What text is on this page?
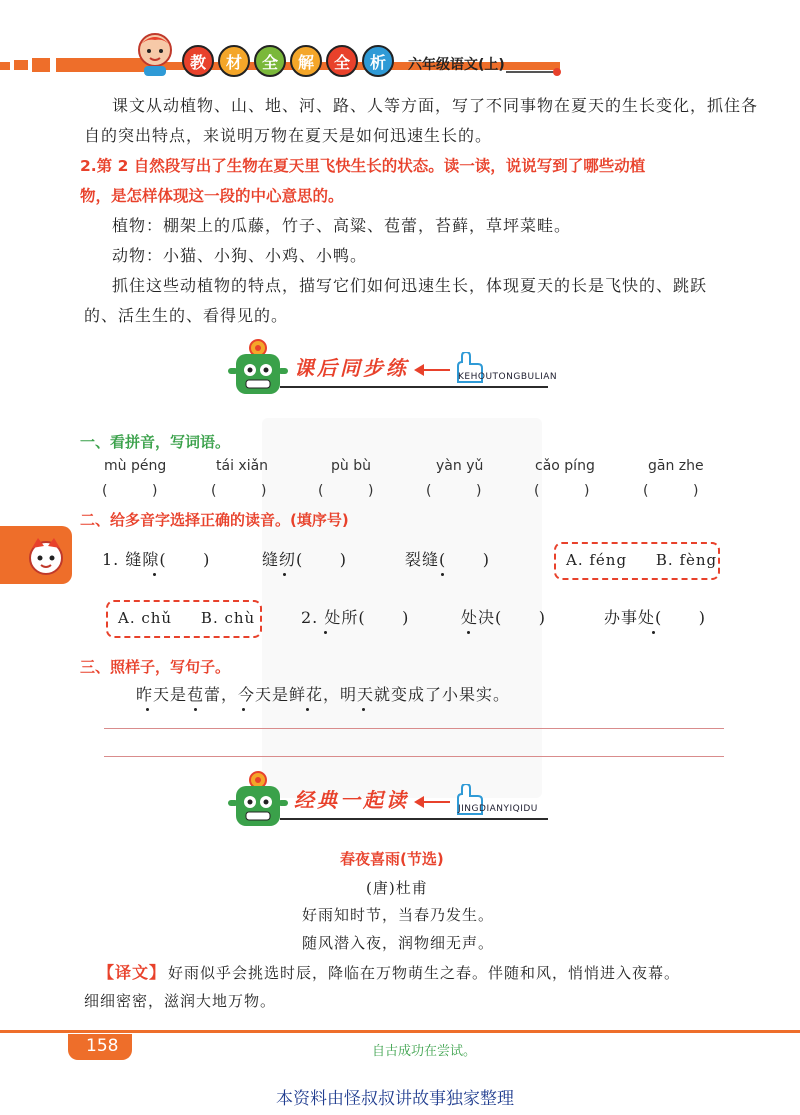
教	材	全	解	全	析	六年级语文(上)
课文从动植物、山、地、河、路、人等方面，写了不同事物在夏天的生长变化，抓住各
自的突出特点，来说明万物在夏天是如何迅速生长的。
2.第 2 自然段写出了生物在夏天里飞快生长的状态。读一读，说说写到了哪些动植
物，是怎样体现这一段的中心意思的。
植物：棚架上的瓜藤，竹子、高粱、苞蕾，苔藓，草坪菜畦。
动物：小猫、小狗、小鸡、小鸭。
抓住这些动植物的特点，描写它们如何迅速生长，体现夏天的长是飞快的、跳跃
的、活生生的、看得见的。
课后同步练	KEHOUTONGBULIAN
一、看拼音，写词语。
mù péng	tái xiǎn	pù bù	yàn yǔ	cǎo píng	gān zhe
(          )	(          )	(          )	(          )	(          )	(          )
二、给多音字选择正确的读音。(填序号)
1. 缝隙(      )	缝纫(      )	裂缝(      )	A. féng     B. fèng
A. chǔ     B. chù	2. 处所(      )	处决(      )	办事处(      )
三、照样子，写句子。
昨天是苞蕾，今天是鲜花，明天就变成了小果实。
经典一起读	JINGDIANYIQIDU
春夜喜雨(节选)
(唐)杜甫
好雨知时节，当春乃发生。
随风潜入夜，润物细无声。
【译文】 好雨似乎会挑选时辰，降临在万物萌生之春。伴随和风，悄悄进入夜幕。
细细密密，滋润大地万物。
158	自古成功在尝试。
本资料由怪叔叔讲故事独家整理
